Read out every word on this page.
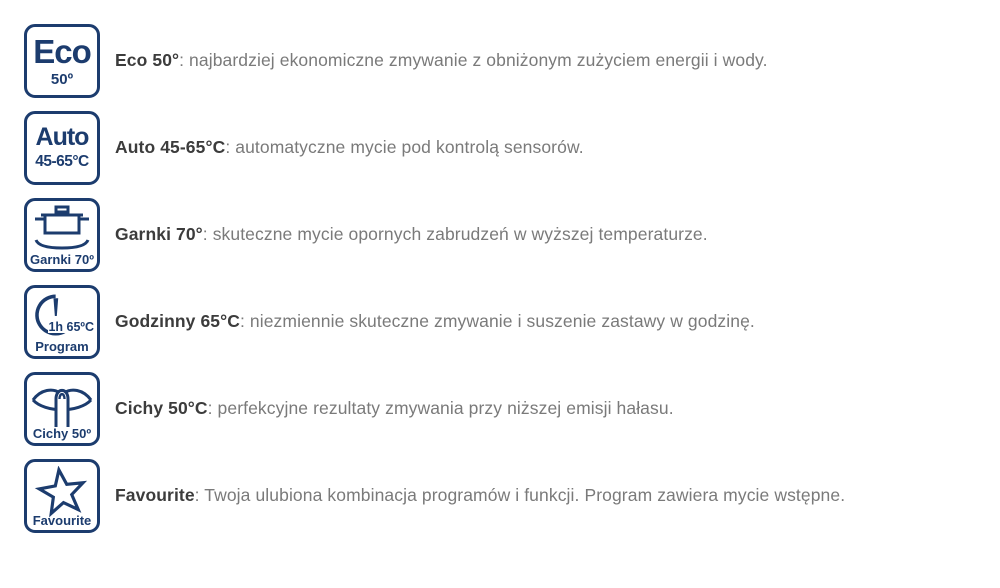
Eco
50º

Eco 50°: najbardziej ekonomiczne zmywanie z obniżonym zużyciem energii i wody.

Auto
45-65°C

Auto 45-65°C: automatyczne mycie pod kontrolą sensorów.

Garnki 70º

Garnki 70°: skuteczne mycie opornych zabrudzeń w wyższej temperaturze.

1h 65ºC
Program

Godzinny 65°C: niezmiennie skuteczne zmywanie i suszenie zastawy w godzinę.

Cichy 50º

Cichy 50°C: perfekcyjne rezultaty zmywania przy niższej emisji hałasu.

Favourite

Favourite: Twoja ulubiona kombinacja programów i funkcji. Program zawiera mycie wstępne.
